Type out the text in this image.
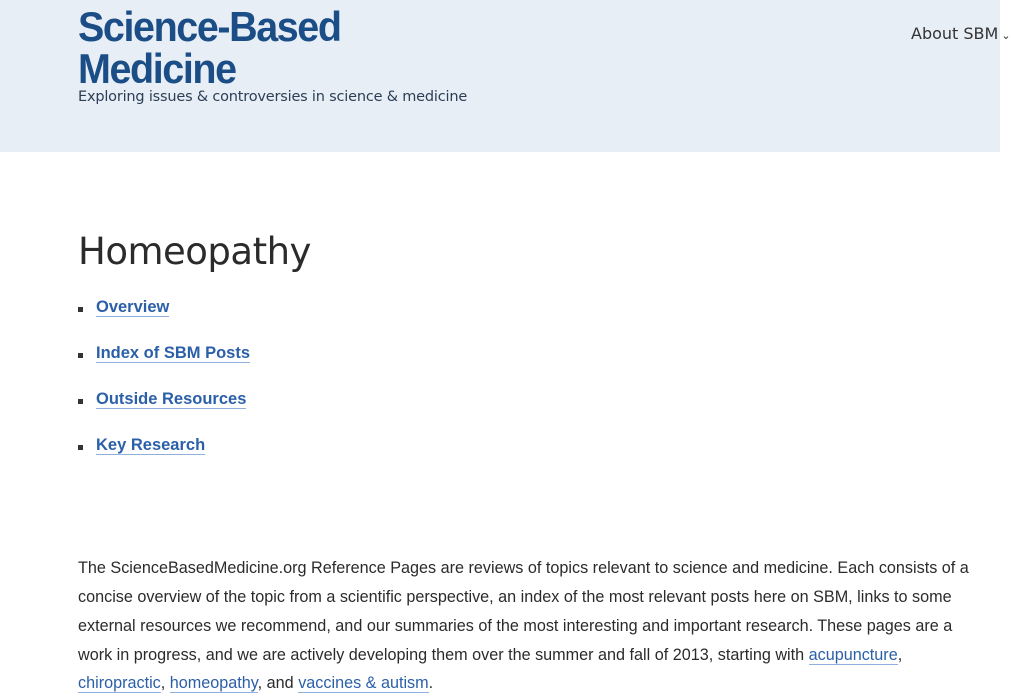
Science-Based
Medicine
Exploring issues & controversies in science & medicine
About SBM ⌄
Homeopathy
Overview
Index of SBM Posts
Outside Resources
Key Research

The ScienceBasedMedicine.org Reference Pages are reviews of topics relevant to science and medicine. Each consists of a concise overview of the topic from a scientific perspective, an index of the most relevant posts here on SBM, links to some external resources we recommend, and our summaries of the most interesting and important research. These pages are a work in progress, and we are actively developing them over the summer and fall of 2013, starting with acupuncture, chiropractic, homeopathy, and vaccines & autism.
